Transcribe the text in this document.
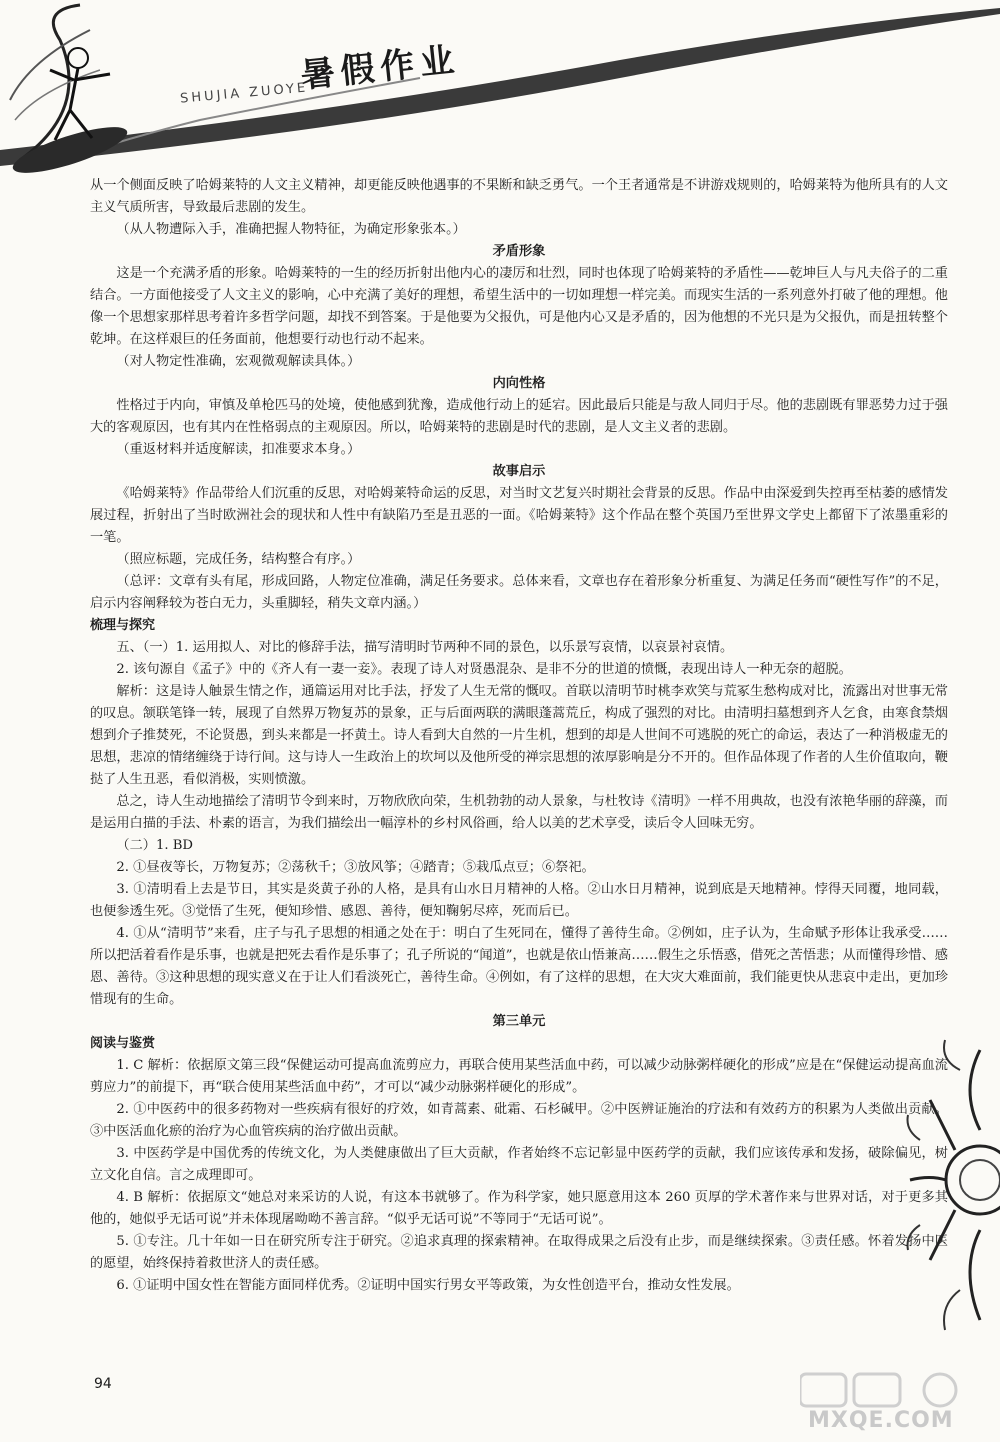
暑假作业
SHUJIA ZUOYE

从一个侧面反映了哈姆莱特的人文主义精神，却更能反映他遇事的不果断和缺乏勇气。一个王者通常是不讲游戏规则的，哈姆莱特为他所具有的人文主义气质所害，导致最后悲剧的发生。

（从人物遭际入手，准确把握人物特征，为确定形象张本。）

矛盾形象

这是一个充满矛盾的形象。哈姆莱特的一生的经历折射出他内心的凄厉和壮烈，同时也体现了哈姆莱特的矛盾性——乾坤巨人与凡夫俗子的二重结合。一方面他接受了人文主义的影响，心中充满了美好的理想，希望生活中的一切如理想一样完美。而现实生活的一系列意外打破了他的理想。他像一个思想家那样思考着许多哲学问题，却找不到答案。于是他要为父报仇，可是他内心又是矛盾的，因为他想的不光只是为父报仇，而是扭转整个乾坤。在这样艰巨的任务面前，他想要行动也行动不起来。

（对人物定性准确，宏观微观解读具体。）

内向性格

性格过于内向，审慎及单枪匹马的处境，使他感到犹豫，造成他行动上的延宕。因此最后只能是与敌人同归于尽。他的悲剧既有罪恶势力过于强大的客观原因，也有其内在性格弱点的主观原因。所以，哈姆莱特的悲剧是时代的悲剧，是人文主义者的悲剧。

（重返材料并适度解读，扣准要求本身。）

故事启示

《哈姆莱特》作品带给人们沉重的反思，对哈姆莱特命运的反思，对当时文艺复兴时期社会背景的反思。作品中由深爱到失控再至枯萎的感情发展过程，折射出了当时欧洲社会的现状和人性中有缺陷乃至是丑恶的一面。《哈姆莱特》这个作品在整个英国乃至世界文学史上都留下了浓墨重彩的一笔。

（照应标题，完成任务，结构整合有序。）

（总评：文章有头有尾，形成回路，人物定位准确，满足任务要求。总体来看，文章也存在着形象分析重复、为满足任务而“硬性写作”的不足，启示内容阐释较为苍白无力，头重脚轻，稍失文章内涵。）

梳理与探究

五、（一）1. 运用拟人、对比的修辞手法，描写清明时节两种不同的景色，以乐景写哀情，以哀景衬哀情。

2. 该句源自《孟子》中的《齐人有一妻一妾》。表现了诗人对贤愚混杂、是非不分的世道的愤慨，表现出诗人一种无奈的超脱。

解析：这是诗人触景生情之作，通篇运用对比手法，抒发了人生无常的慨叹。首联以清明节时桃李欢笑与荒冢生愁构成对比，流露出对世事无常的叹息。颔联笔锋一转，展现了自然界万物复苏的景象，正与后面两联的满眼蓬蒿荒丘，构成了强烈的对比。由清明扫墓想到齐人乞食，由寒食禁烟想到介子推焚死，不论贤愚，到头来都是一抔黄土。诗人看到大自然的一片生机，想到的却是人世间不可逃脱的死亡的命运，表达了一种消极虚无的思想，悲凉的情绪缠绕于诗行间。这与诗人一生政治上的坎坷以及他所受的禅宗思想的浓厚影响是分不开的。但作品体现了作者的人生价值取向，鞭挞了人生丑恶，看似消极，实则愤激。

总之，诗人生动地描绘了清明节令到来时，万物欣欣向荣，生机勃勃的动人景象，与杜牧诗《清明》一样不用典故，也没有浓艳华丽的辞藻，而是运用白描的手法、朴素的语言，为我们描绘出一幅淳朴的乡村风俗画，给人以美的艺术享受，读后令人回味无穷。

（二）1. BD

2. ①昼夜等长，万物复苏；②荡秋千；③放风筝；④踏青；⑤栽瓜点豆；⑥祭祀。

3. ①清明看上去是节日，其实是炎黄子孙的人格，是具有山水日月精神的人格。②山水日月精神，说到底是天地精神。悖得天同覆，地同载，也便参透生死。③觉悟了生死，便知珍惜、感恩、善待，便知鞠躬尽瘁，死而后已。

4. ①从“清明节”来看，庄子与孔子思想的相通之处在于：明白了生死同在，懂得了善待生命。②例如，庄子认为，生命赋予形体让我承受……所以把活着看作是乐事，也就是把死去看作是乐事了；孔子所说的“闻道”，也就是依山悟兼高……假生之乐悟惑，借死之苦悟悲；从而懂得珍惜、感恩、善待。③这种思想的现实意义在于让人们看淡死亡，善待生命。④例如，有了这样的思想，在大灾大难面前，我们能更快从悲哀中走出，更加珍惜现有的生命。

第三单元

阅读与鉴赏

1. C 解析：依据原文第三段“保健运动可提高血流剪应力，再联合使用某些活血中药，可以减少动脉粥样硬化的形成”应是在“保健运动提高血流剪应力”的前提下，再“联合使用某些活血中药”，才可以“减少动脉粥样硬化的形成”。

2. ①中医药中的很多药物对一些疾病有很好的疗效，如青蒿素、砒霜、石杉碱甲。②中医辨证施治的疗法和有效药方的积累为人类做出贡献。③中医活血化瘀的治疗为心血管疾病的治疗做出贡献。

3. 中医药学是中国优秀的传统文化，为人类健康做出了巨大贡献，作者始终不忘记彰显中医药学的贡献，我们应该传承和发扬，破除偏见，树立文化自信。言之成理即可。

4. B 解析：依据原文“她总对来采访的人说，有这本书就够了。作为科学家，她只愿意用这本 260 页厚的学术著作来与世界对话，对于更多其他的，她似乎无话可说”并未体现屠呦呦不善言辞。“似乎无话可说”不等同于“无话可说”。

5. ①专注。几十年如一日在研究所专注于研究。②追求真理的探索精神。在取得成果之后没有止步，而是继续探索。③责任感。怀着发扬中医的愿望，始终保持着救世济人的责任感。

6. ①证明中国女性在智能方面同样优秀。②证明中国实行男女平等政策，为女性创造平台，推动女性发展。

94
MXQE.COM
